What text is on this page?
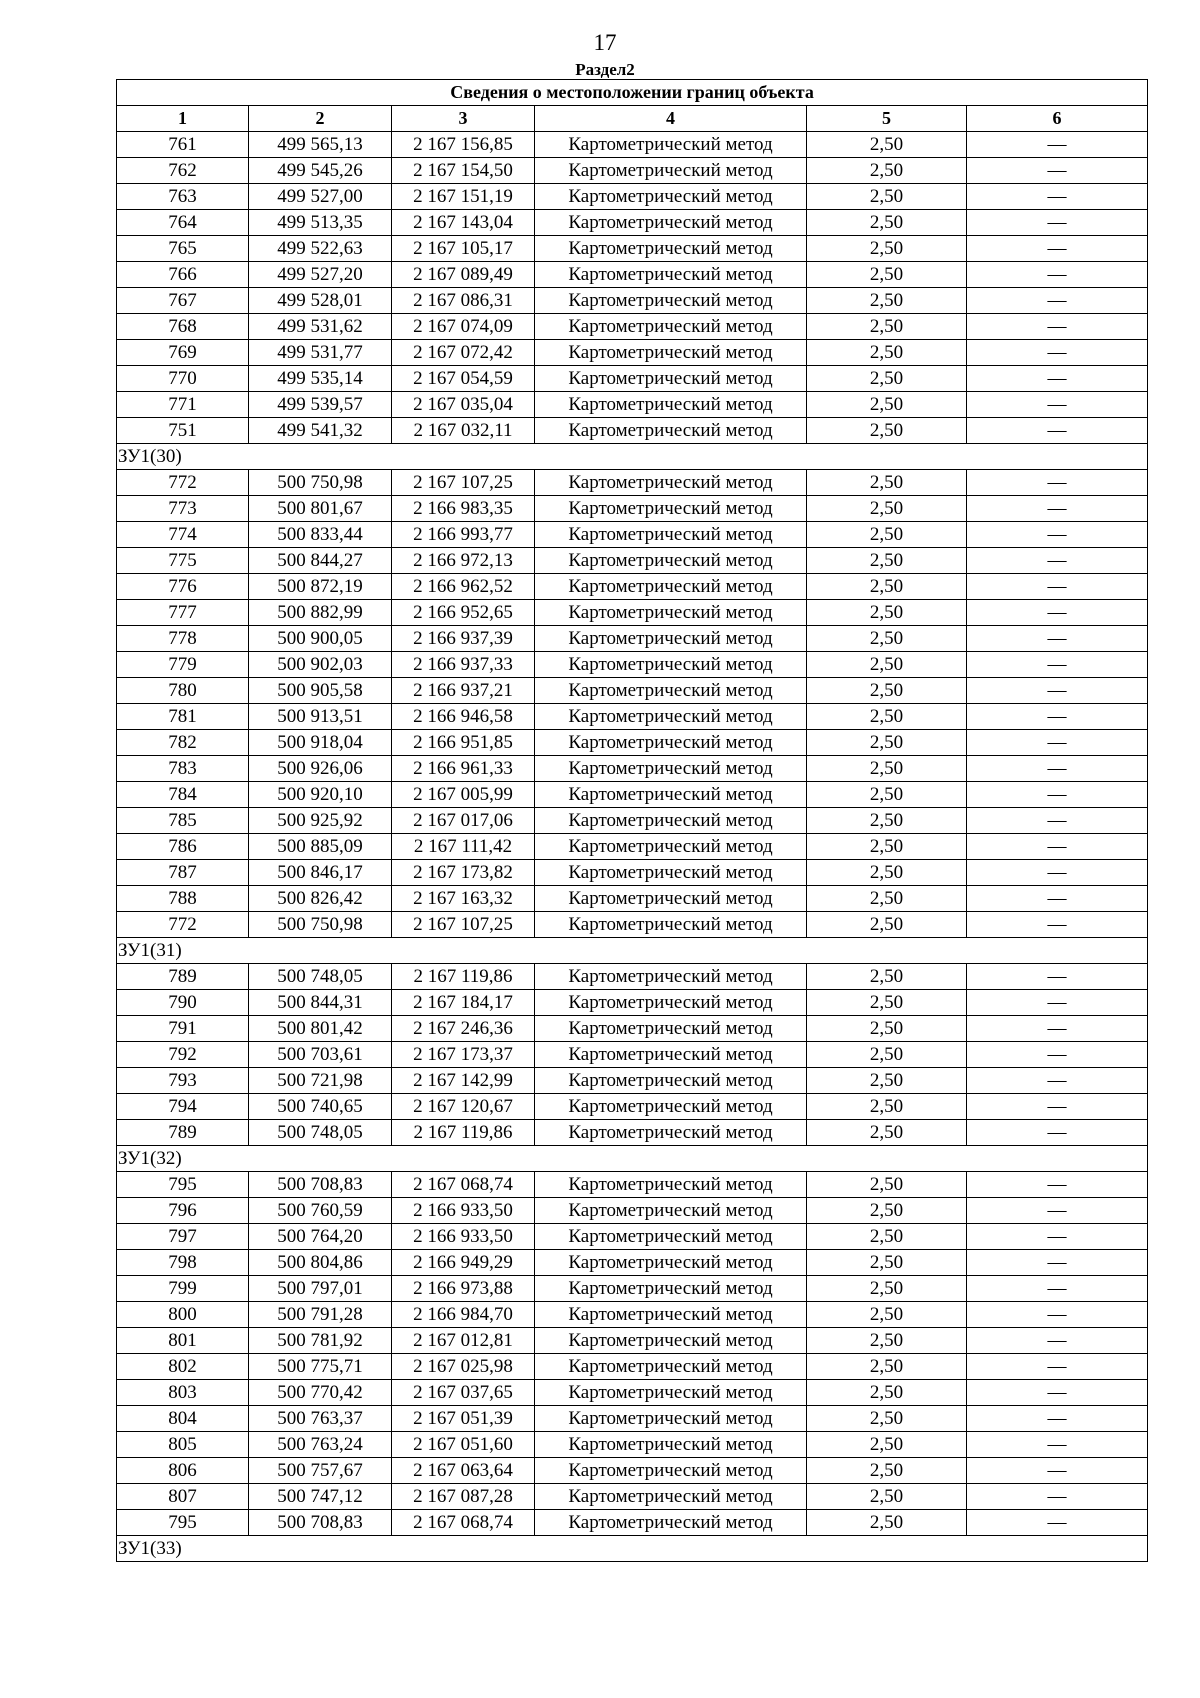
17
Раздел2
Сведения о местоположении границ объекта					
1	2	3	4	5	6
761	499 565,13	2 167 156,85	Картометрический метод	2,50	—
762	499 545,26	2 167 154,50	Картометрический метод	2,50	—
763	499 527,00	2 167 151,19	Картометрический метод	2,50	—
764	499 513,35	2 167 143,04	Картометрический метод	2,50	—
765	499 522,63	2 167 105,17	Картометрический метод	2,50	—
766	499 527,20	2 167 089,49	Картометрический метод	2,50	—
767	499 528,01	2 167 086,31	Картометрический метод	2,50	—
768	499 531,62	2 167 074,09	Картометрический метод	2,50	—
769	499 531,77	2 167 072,42	Картометрический метод	2,50	—
770	499 535,14	2 167 054,59	Картометрический метод	2,50	—
771	499 539,57	2 167 035,04	Картометрический метод	2,50	—
751	499 541,32	2 167 032,11	Картометрический метод	2,50	—
ЗУ1(30)					
772	500 750,98	2 167 107,25	Картометрический метод	2,50	—
773	500 801,67	2 166 983,35	Картометрический метод	2,50	—
774	500 833,44	2 166 993,77	Картометрический метод	2,50	—
775	500 844,27	2 166 972,13	Картометрический метод	2,50	—
776	500 872,19	2 166 962,52	Картометрический метод	2,50	—
777	500 882,99	2 166 952,65	Картометрический метод	2,50	—
778	500 900,05	2 166 937,39	Картометрический метод	2,50	—
779	500 902,03	2 166 937,33	Картометрический метод	2,50	—
780	500 905,58	2 166 937,21	Картометрический метод	2,50	—
781	500 913,51	2 166 946,58	Картометрический метод	2,50	—
782	500 918,04	2 166 951,85	Картометрический метод	2,50	—
783	500 926,06	2 166 961,33	Картометрический метод	2,50	—
784	500 920,10	2 167 005,99	Картометрический метод	2,50	—
785	500 925,92	2 167 017,06	Картометрический метод	2,50	—
786	500 885,09	2 167 111,42	Картометрический метод	2,50	—
787	500 846,17	2 167 173,82	Картометрический метод	2,50	—
788	500 826,42	2 167 163,32	Картометрический метод	2,50	—
772	500 750,98	2 167 107,25	Картометрический метод	2,50	—
ЗУ1(31)					
789	500 748,05	2 167 119,86	Картометрический метод	2,50	—
790	500 844,31	2 167 184,17	Картометрический метод	2,50	—
791	500 801,42	2 167 246,36	Картометрический метод	2,50	—
792	500 703,61	2 167 173,37	Картометрический метод	2,50	—
793	500 721,98	2 167 142,99	Картометрический метод	2,50	—
794	500 740,65	2 167 120,67	Картометрический метод	2,50	—
789	500 748,05	2 167 119,86	Картометрический метод	2,50	—
ЗУ1(32)					
795	500 708,83	2 167 068,74	Картометрический метод	2,50	—
796	500 760,59	2 166 933,50	Картометрический метод	2,50	—
797	500 764,20	2 166 933,50	Картометрический метод	2,50	—
798	500 804,86	2 166 949,29	Картометрический метод	2,50	—
799	500 797,01	2 166 973,88	Картометрический метод	2,50	—
800	500 791,28	2 166 984,70	Картометрический метод	2,50	—
801	500 781,92	2 167 012,81	Картометрический метод	2,50	—
802	500 775,71	2 167 025,98	Картометрический метод	2,50	—
803	500 770,42	2 167 037,65	Картометрический метод	2,50	—
804	500 763,37	2 167 051,39	Картометрический метод	2,50	—
805	500 763,24	2 167 051,60	Картометрический метод	2,50	—
806	500 757,67	2 167 063,64	Картометрический метод	2,50	—
807	500 747,12	2 167 087,28	Картометрический метод	2,50	—
795	500 708,83	2 167 068,74	Картометрический метод	2,50	—
ЗУ1(33)					
